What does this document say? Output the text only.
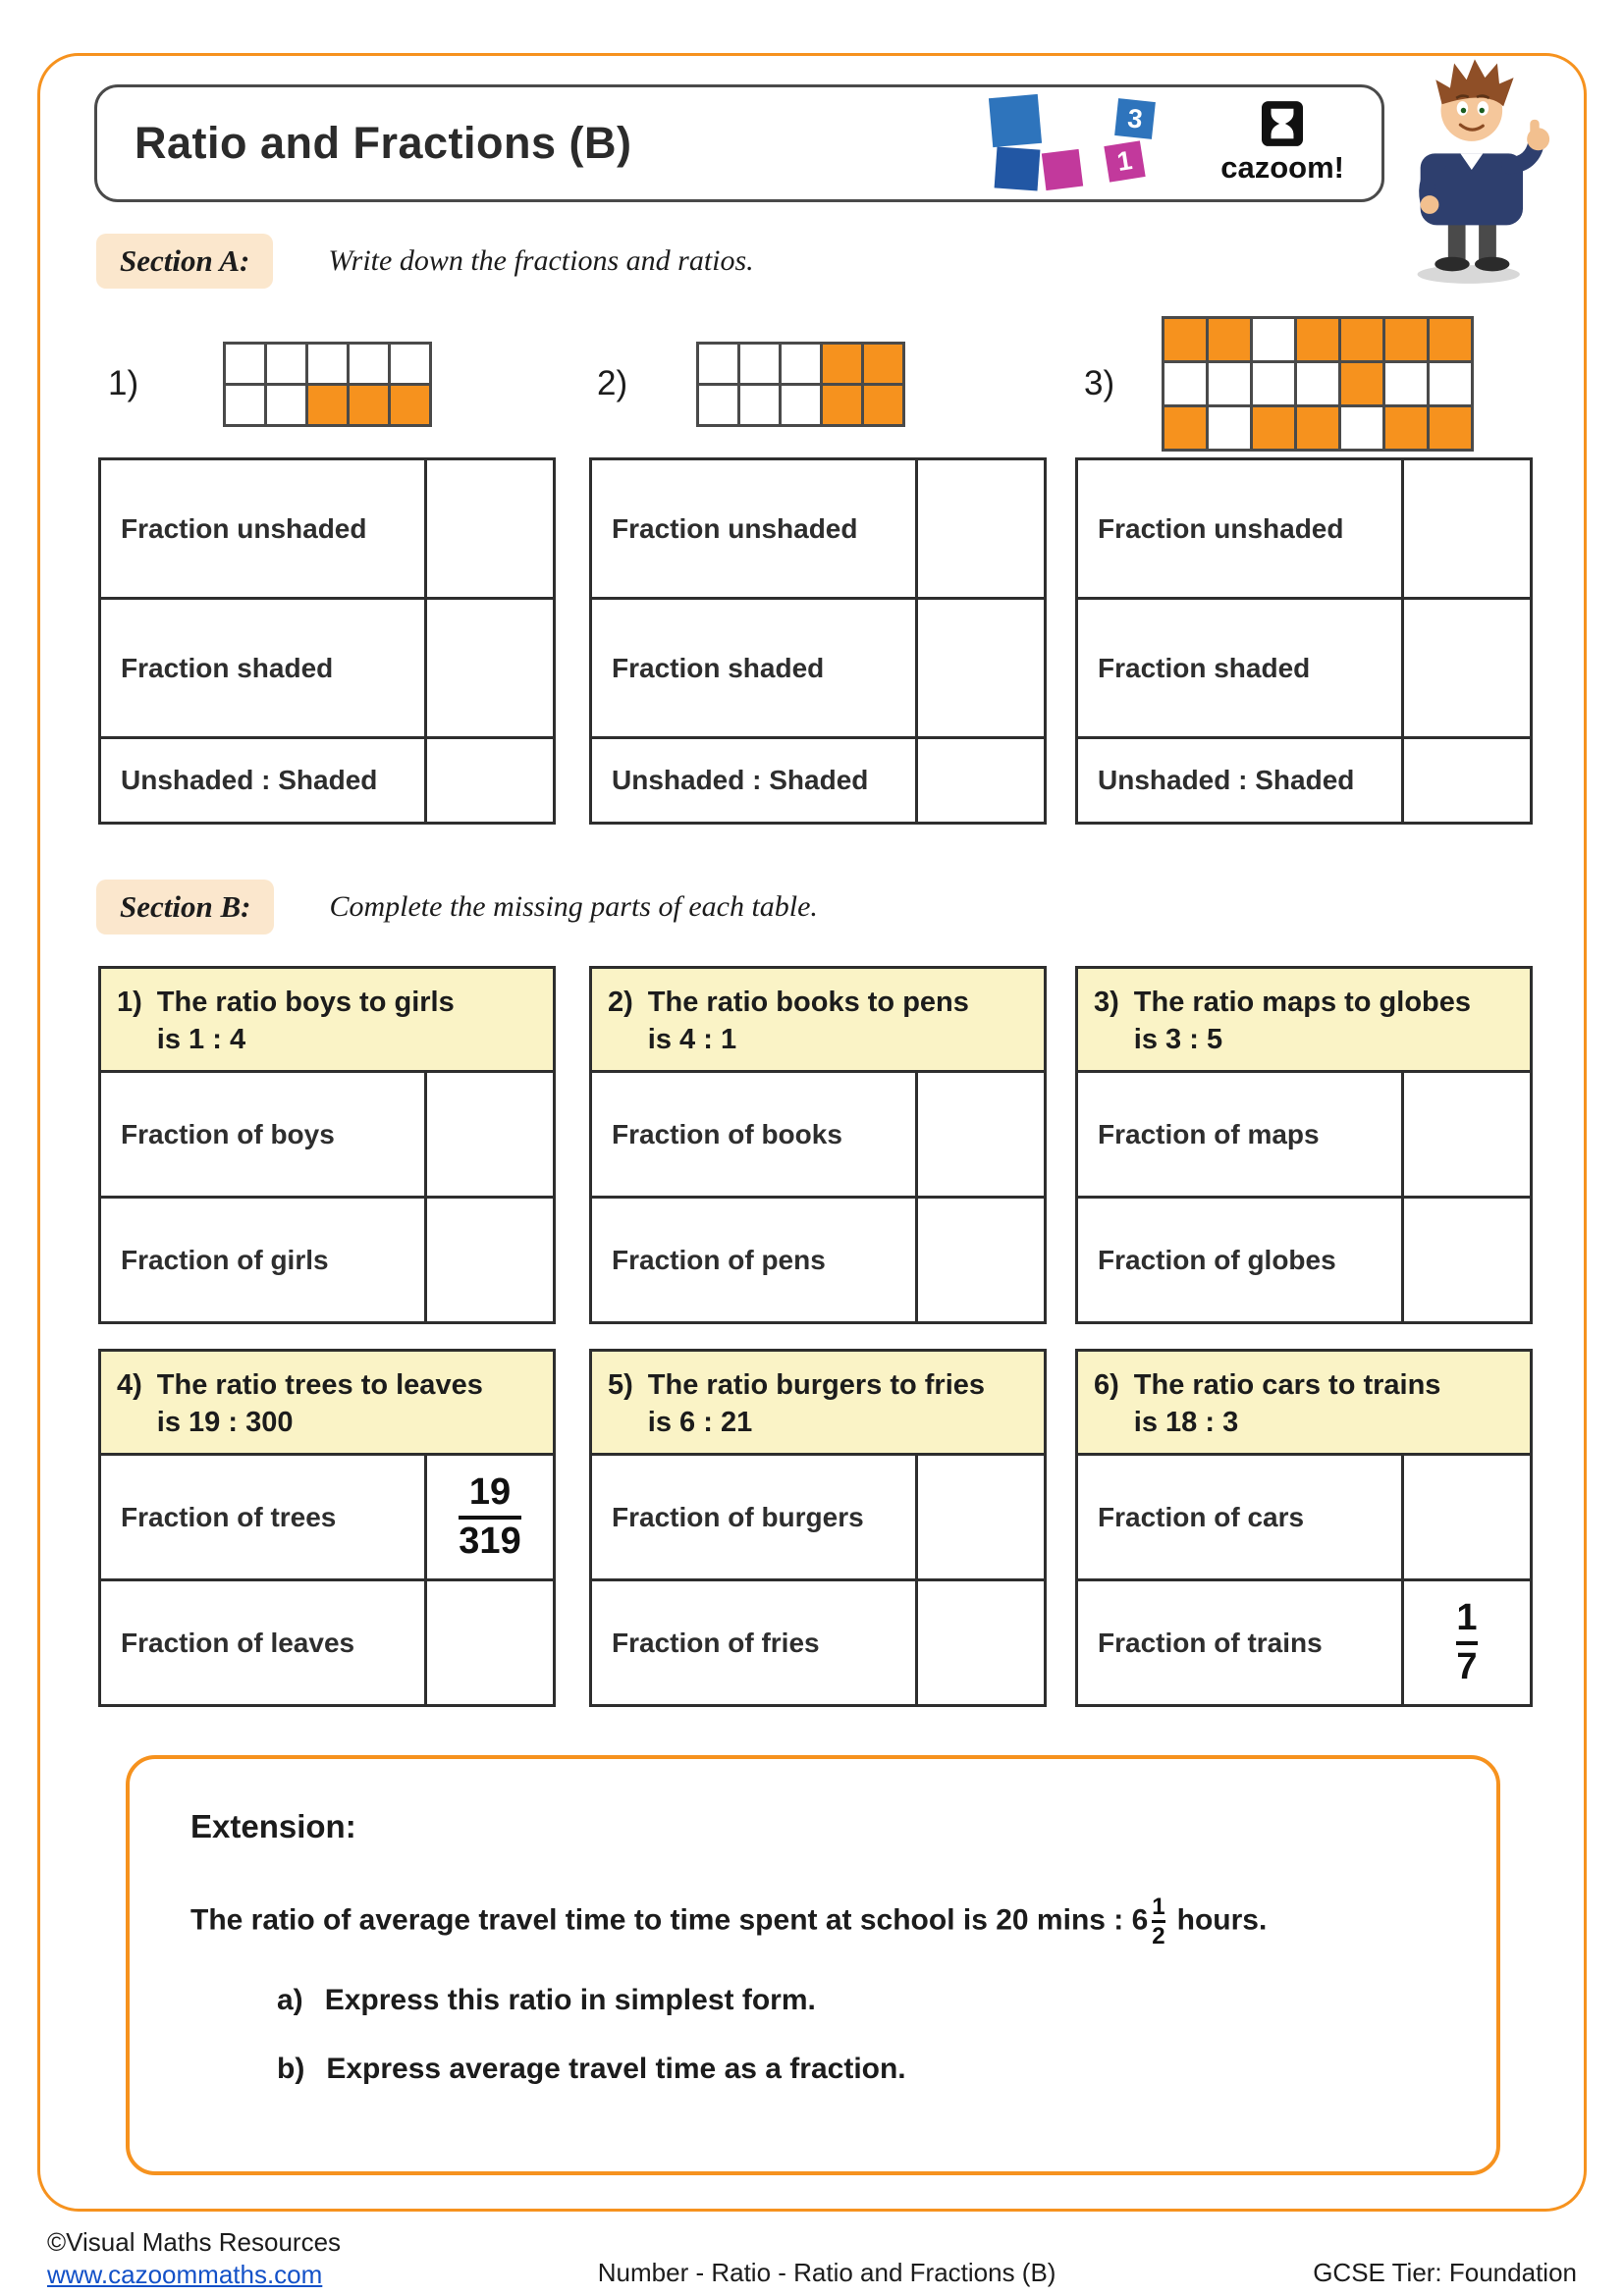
Ratio and Fractions (B)	3
1	cazoom!
Section A:	Write down the fractions and ratios.
1)	2)	3)
Fraction unshaded
Fraction shaded
Unshaded : Shaded
Fraction unshaded
Fraction shaded
Unshaded : Shaded
Fraction unshaded
Fraction shaded
Unshaded : Shaded
Section B:	Complete the missing parts of each table.
1) The ratio boys to girls
is 1 : 4
Fraction of boys
Fraction of girls
2) The ratio books to pens
is 4 : 1
Fraction of books
Fraction of pens
3) The ratio maps to globes
is 3 : 5
Fraction of maps
Fraction of globes
4) The ratio trees to leaves
is 19 : 300
Fraction of trees	$\frac{19}{319}$
Fraction of leaves
5) The ratio burgers to fries
is 6 : 21
Fraction of burgers
Fraction of fries
6) The ratio cars to trains
is 18 : 3
Fraction of cars
Fraction of trains	$\frac{1}{7}$
Extension:

The ratio of average travel time to time spent at school is 20 mins : $6 \frac{1}{2}$ hours.

a) Express this ratio in simplest form.
b) Express average travel time as a fraction.
©Visual Maths Resources
www.cazoommaths.com	Number - Ratio - Ratio and Fractions (B)	GCSE Tier: Foundation
